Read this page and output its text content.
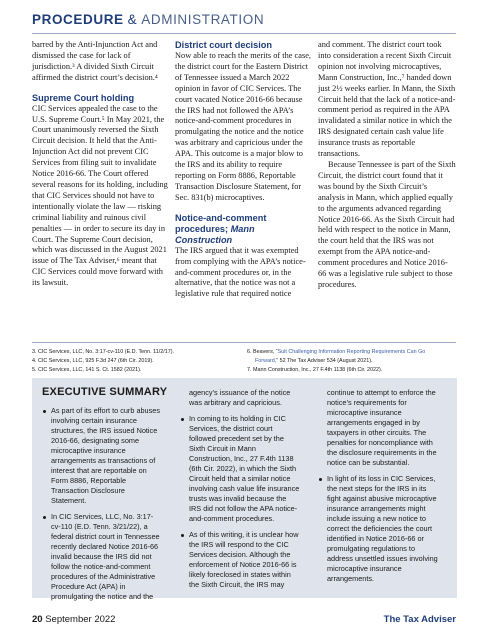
PROCEDURE & ADMINISTRATION

barred by the Anti-Injunction Act and dismissed the case for lack of jurisdiction.³ A divided Sixth Circuit affirmed the district court’s decision.⁴

Supreme Court holding

CIC Services appealed the case to the U.S. Supreme Court.⁵ In May 2021, the Court unanimously reversed the Sixth Circuit decision. It held that the Anti-Injunction Act did not prevent CIC Services from filing suit to invalidate Notice 2016-66. The Court offered several reasons for its holding, including that CIC Services should not have to intentionally violate the law — risking criminal liability and ruinous civil penalties — in order to secure its day in Court. The Supreme Court decision, which was discussed in the August 2021 issue of The Tax Adviser,⁶ meant that CIC Services could move forward with its lawsuit.

District court decision

Now able to reach the merits of the case, the district court for the Eastern District of Tennessee issued a March 2022 opinion in favor of CIC Services. The court vacated Notice 2016-66 because the IRS had not followed the APA’s notice-and-comment procedures in promulgating the notice and the notice was arbitrary and capricious under the APA. This outcome is a major blow to the IRS and its ability to require reporting on Form 8886, Reportable Transaction Disclosure Statement, for Sec. 831(b) microcaptives.

Notice-and-comment procedures; Mann Construction

The IRS argued that it was exempted from complying with the APA’s notice-and-comment procedures or, in the alternative, that the notice was not a legislative rule that required notice

and comment. The district court took into consideration a recent Sixth Circuit opinion not involving microcaptives, Mann Construction, Inc.,⁷ handed down just 2½ weeks earlier. In Mann, the Sixth Circuit held that the lack of a notice-and-comment period as required in the APA invalidated a similar notice in which the IRS designated certain cash value life insurance trusts as reportable transactions.

Because Tennessee is part of the Sixth Circuit, the district court found that it was bound by the Sixth Circuit’s analysis in Mann, which applied equally to the arguments advanced regarding Notice 2016-66. As the Sixth Circuit had held with respect to the notice in Mann, the court held that the IRS was not exempt from the APA notice-and-comment procedures and Notice 2016-66 was a legislative rule subject to those procedures.

3. CIC Services, LLC, No. 3:17-cv-110 (E.D. Tenn. 11/2/17).
4. CIC Services, LLC, 925 F.3d 247 (6th Cir. 2019).
5. CIC Services, LLC, 141 S. Ct. 1582 (2021).
6. Beavers, “Suit Challenging Information Reporting Requirements Can Go
Forward,” 52 The Tax Adviser 534 (August 2021).
7. Mann Construction, Inc., 27 F.4th 1138 (6th Cir. 2022).
EXECUTIVE SUMMARY
As part of its effort to curb abuses involving certain insurance structures, the IRS issued Notice 2016-66, designating some microcaptive insurance arrangements as transactions of interest that are reportable on Form 8886, Reportable Transaction Disclosure Statement.
In CIC Services, LLC, No. 3:17-cv-110 (E.D. Tenn. 3/21/22), a federal district court in Tennessee recently declared Notice 2016-66 invalid because the IRS did not follow the notice-and-comment procedures of the Administrative Procedure Act (APA) in promulgating the notice and the

agency’s issuance of the notice was arbitrary and capricious.

In coming to its holding in CIC Services, the district court followed precedent set by the Sixth Circuit in Mann Construction, Inc., 27 F.4th 1138 (6th Cir. 2022), in which the Sixth Circuit held that a similar notice involving cash value life insurance trusts was invalid because the IRS did not follow the APA notice-and-comment procedures.
As of this writing, it is unclear how the IRS will respond to the CIC Services decision. Although the enforcement of Notice 2016-66 is likely foreclosed in states within the Sixth Circuit, the IRS may

continue to attempt to enforce the notice’s requirements for microcaptive insurance arrangements engaged in by taxpayers in other circuits. The penalties for noncompliance with the disclosure requirements in the notice can be substantial.

In light of its loss in CIC Services, the next steps for the IRS in its fight against abusive microcaptive insurance arrangements might include issuing a new notice to correct the deficiencies the court identified in Notice 2016-66 or promulgating regulations to address unsettled issues involving microcaptive insurance arrangements.
20 September 2022	The Tax Adviser
